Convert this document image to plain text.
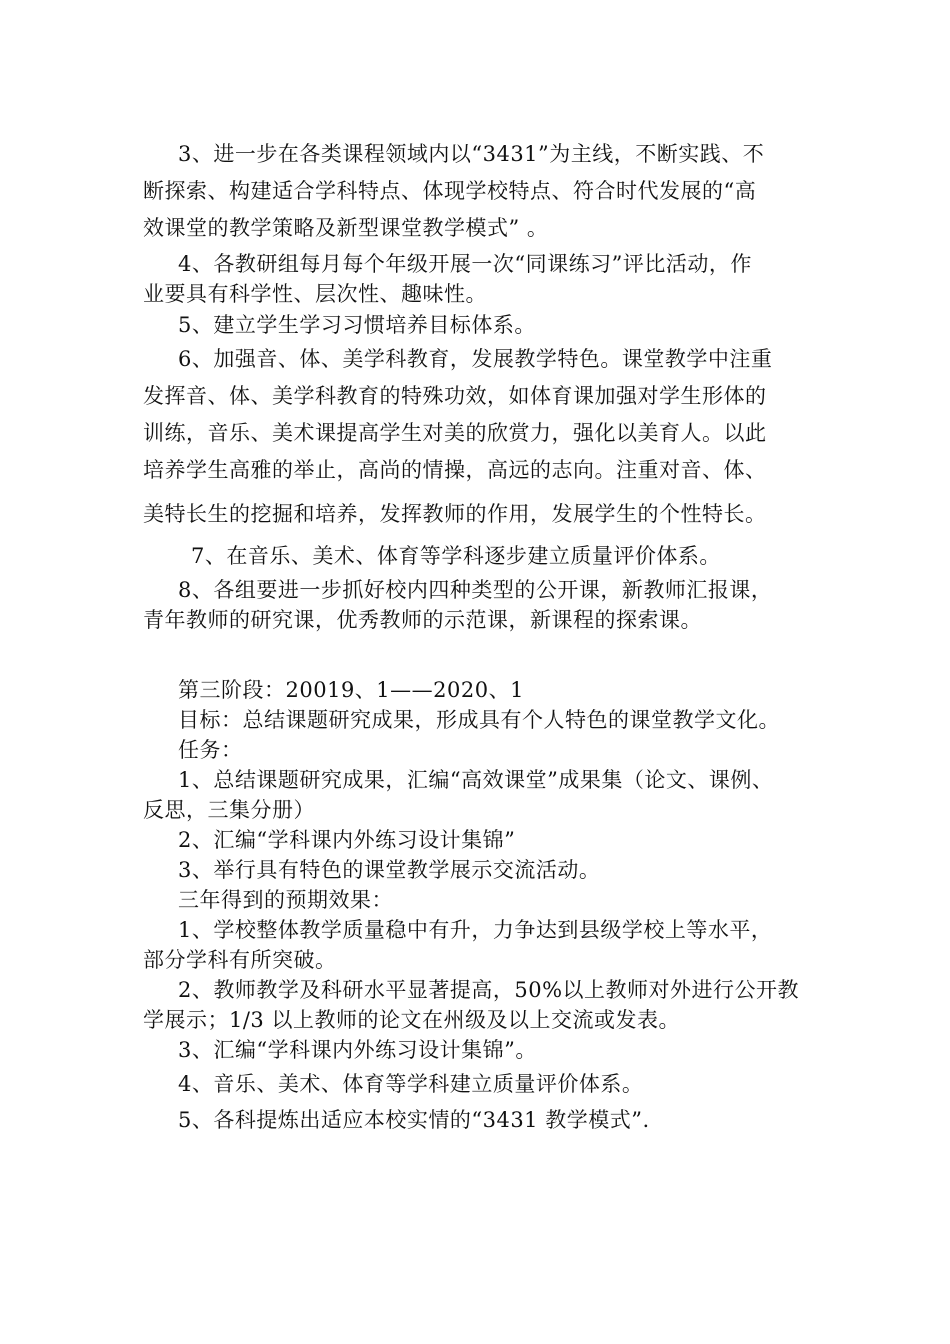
3、进一步在各类课程领域内以“3431”为主线，不断实践、不
断探索、构建适合学科特点、体现学校特点、符合时代发展的“高
效课堂的教学策略及新型课堂教学模式” 。
4、各教研组每月每个年级开展一次“同课练习”评比活动，作
业要具有科学性、层次性、趣味性。
5、建立学生学习习惯培养目标体系。
6、加强音、体、美学科教育，发展教学特色。课堂教学中注重
发挥音、体、美学科教育的特殊功效，如体育课加强对学生形体的
训练，音乐、美术课提高学生对美的欣赏力，强化以美育人。以此
培养学生高雅的举止，高尚的情操，高远的志向。注重对音、体、
美特长生的挖掘和培养，发挥教师的作用，发展学生的个性特长。
7、在音乐、美术、体育等学科逐步建立质量评价体系。
8、各组要进一步抓好校内四种类型的公开课，新教师汇报课，
青年教师的研究课，优秀教师的示范课，新课程的探索课。
第三阶段：20019、1——2020、1
目标：总结课题研究成果，形成具有个人特色的课堂教学文化。
任务：
1、总结课题研究成果，汇编“高效课堂”成果集（论文、课例、
反思，三集分册）
2、汇编“学科课内外练习设计集锦”
3、举行具有特色的课堂教学展示交流活动。
三年得到的预期效果：
1、学校整体教学质量稳中有升，力争达到县级学校上等水平，
部分学科有所突破。
2、教师教学及科研水平显著提高，50%以上教师对外进行公开教
学展示；1/3 以上教师的论文在州级及以上交流或发表。
3、汇编“学科课内外练习设计集锦”。
4、音乐、美术、体育等学科建立质量评价体系。
5、各科提炼出适应本校实情的“3431 教学模式”.
